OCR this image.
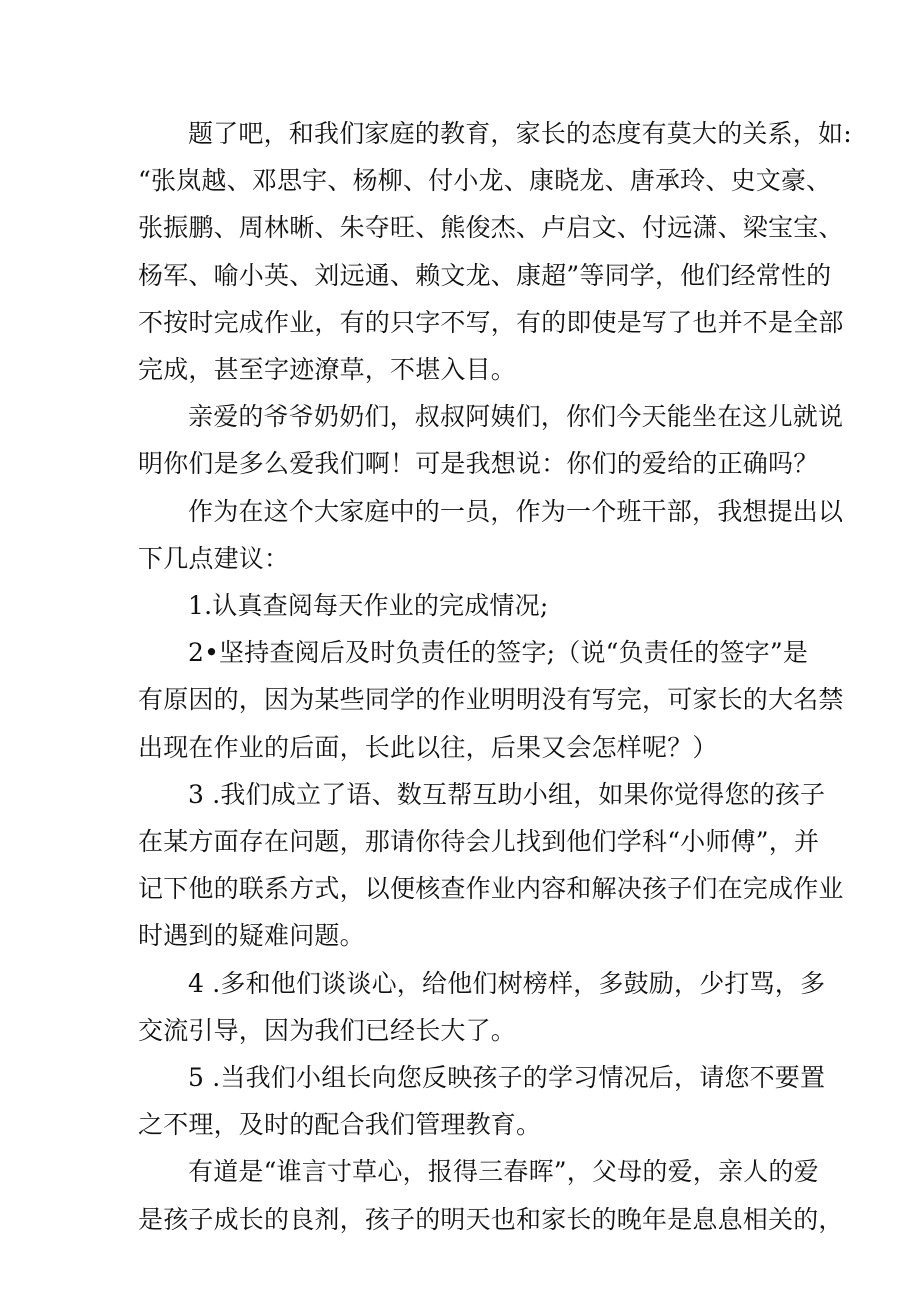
题了吧，和我们家庭的教育，家长的态度有莫大的关系，如:
“张岚越、邓思宇、杨柳、付小龙、康晓龙、唐承玲、史文豪、
张振鹏、周林晰、朱夺旺、熊俊杰、卢启文、付远潇、梁宝宝、
杨军、喻小英、刘远通、赖文龙、康超”等同学，他们经常性的
不按时完成作业，有的只字不写，有的即使是写了也并不是全部
完成，甚至字迹潦草，不堪入目。

亲爱的爷爷奶奶们，叔叔阿姨们，你们今天能坐在这儿就说
明你们是多么爱我们啊！可是我想说：你们的爱给的正确吗？

作为在这个大家庭中的一员，作为一个班干部，我想提出以
下几点建议：

1.认真查阅每天作业的完成情况;

2•坚持查阅后及时负责任的签字;（说“负责任的签字”是
有原因的，因为某些同学的作业明明没有写完，可家长的大名禁
出现在作业的后面，长此以往，后果又会怎样呢？）

3 .我们成立了语、数互帮互助小组，如果你觉得您的孩子
在某方面存在问题，那请你待会儿找到他们学科“小师傅”，并
记下他的联系方式，以便核查作业内容和解决孩子们在完成作业
时遇到的疑难问题。

4 .多和他们谈谈心，给他们树榜样，多鼓励，少打骂，多
交流引导，因为我们已经长大了。

5 .当我们小组长向您反映孩子的学习情况后，请您不要置
之不理，及时的配合我们管理教育。

有道是“谁言寸草心，报得三春晖”，父母的爱，亲人的爱
是孩子成长的良剂，孩子的明天也和家长的晚年是息息相关的，
